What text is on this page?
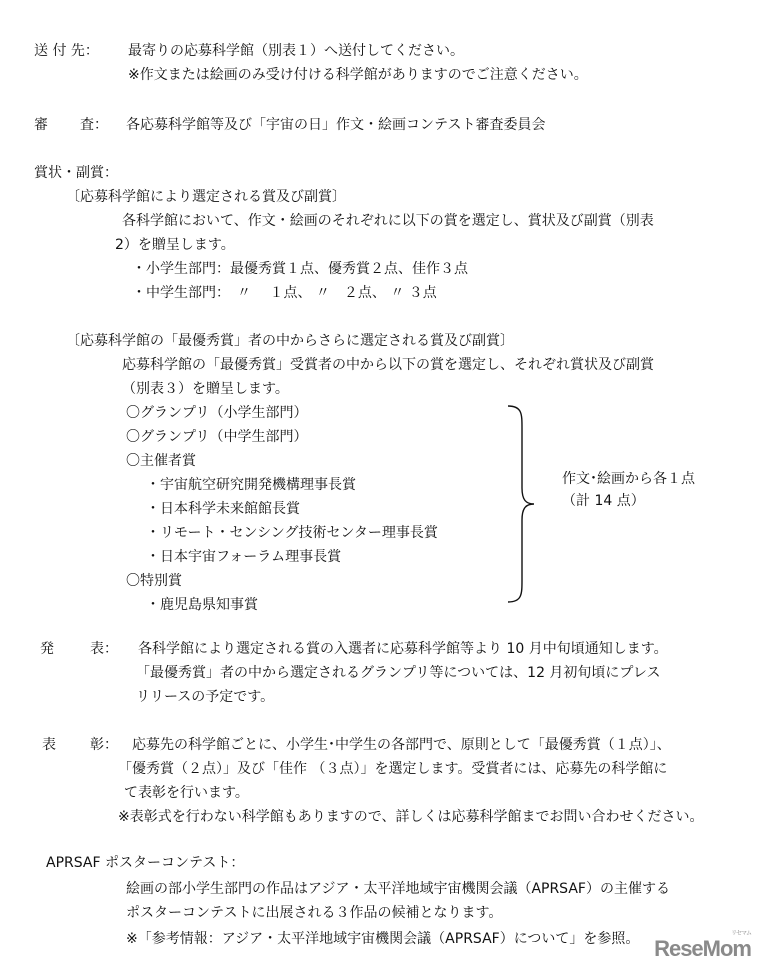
送 付 先： 最寄りの応募科学館（別表１）へ送付してください。
※作文または絵画のみ受け付ける科学館がありますのでご注意ください。
審 査： 各応募科学館等及び「宇宙の日」作文・絵画コンテスト審査委員会
賞状・副賞：
〔応募科学館により選定される賞及び副賞〕
各科学館において、作文・絵画のそれぞれに以下の賞を選定し、賞状及び副賞（別表
2）を贈呈します。
・小学生部門：最優秀賞１点、優秀賞２点、佳作３点
・中学生部門：　〃　 １点、 〃　２点、 〃 ３点
〔応募科学館の「最優秀賞」者の中からさらに選定される賞及び副賞〕
応募科学館の「最優秀賞」受賞者の中から以下の賞を選定し、それぞれ賞状及び副賞
（別表３）を贈呈します。
〇グランプリ（小学生部門）
〇グランプリ（中学生部門）
〇主催者賞
・宇宙航空研究開発機構理事長賞
・日本科学未来館館長賞
・リモート・センシング技術センター理事長賞
・日本宇宙フォーラム理事長賞
〇特別賞
・鹿児島県知事賞
作文･絵画から各１点
（計 14 点）
発	表： 各科学館により選定される賞の入選者に応募科学館等より 10 月中旬頃通知します。
「最優秀賞」者の中から選定されるグランプリ等については、12 月初旬頃にプレス
リリースの予定です。
表 彰： 応募先の科学館ごとに、小学生･中学生の各部門で、原則として「最優秀賞（１点）」、
「優秀賞（２点）」及び「佳作 （３点）」を選定します。受賞者には、応募先の科学館に
て表彰を行います。
※表彰式を行わない科学館もありますので、詳しくは応募科学館までお問い合わせください。
APRSAF ポスターコンテスト：
絵画の部小学生部門の作品はアジア・太平洋地域宇宙機関会議（APRSAF）の主催する
ポスターコンテストに出展される３作品の候補となります。
※「参考情報：アジア・太平洋地域宇宙機関会議（APRSAF）について」を参照。	リセマム
ReseMom
